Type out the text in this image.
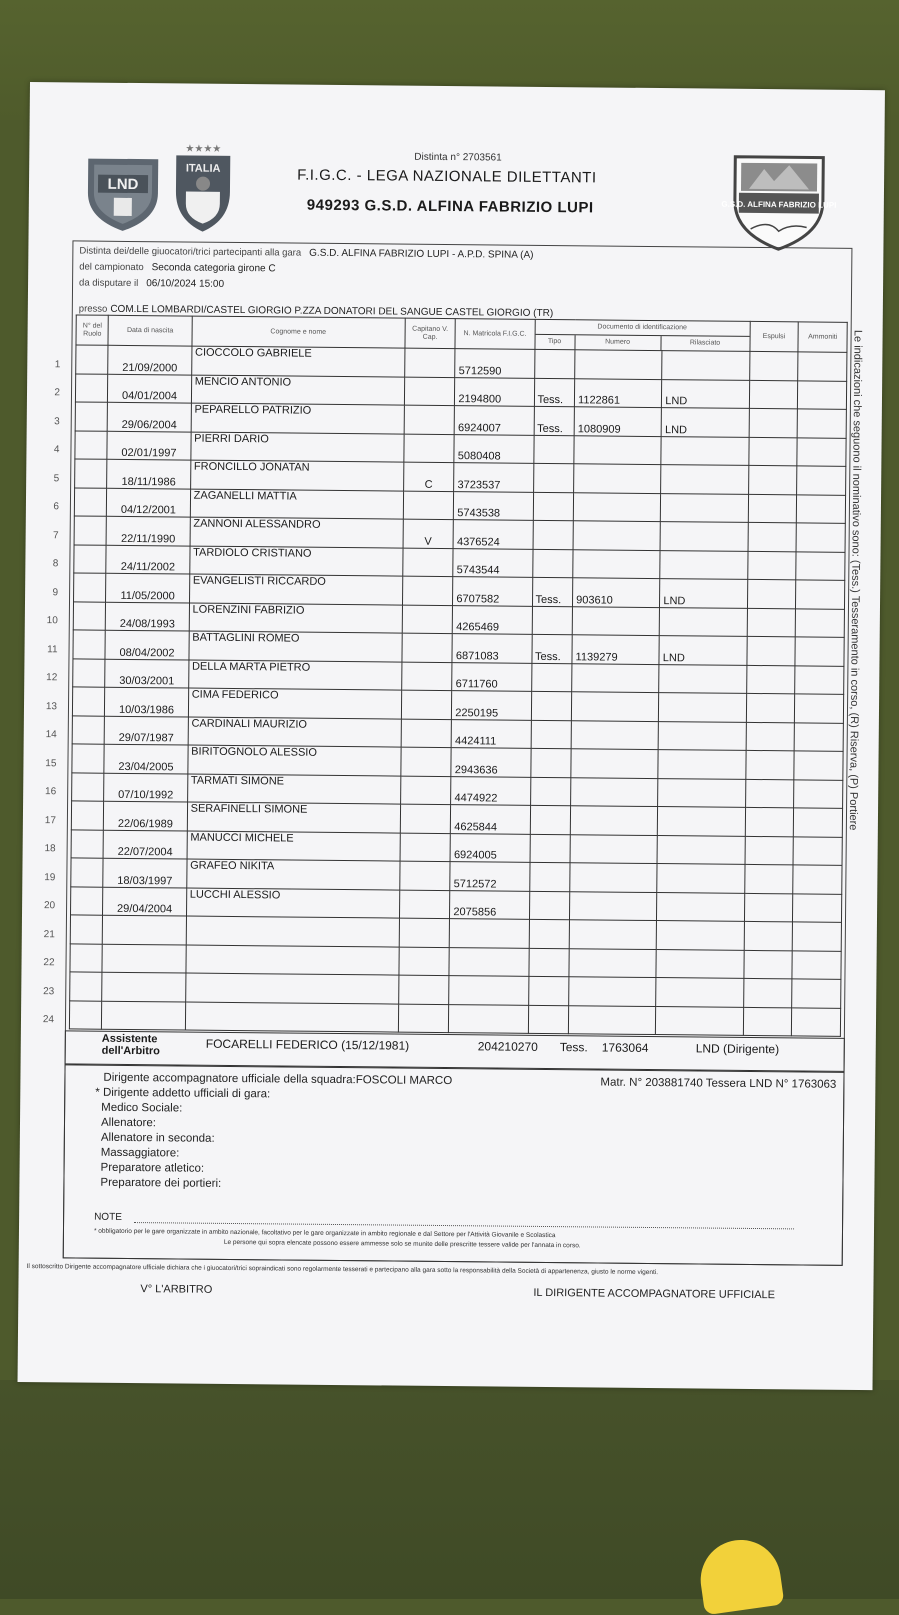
LND
★★★★
ITALIA
G.S.D. ALFINA FABRIZIO LUPI
Distinta n° 2703561
F.I.G.C. - LEGA NAZIONALE DILETTANTI
949293 G.S.D. ALFINA FABRIZIO LUPI
Distinta dei/delle giuocatori/trici partecipanti alla gara G.S.D. ALFINA FABRIZIO LUPI - A.P.D. SPINA (A)
del campionato Seconda categoria girone C
da disputare il 06/10/2024 15:00
presso COM.LE LOMBARDI/CASTEL GIORGIO P.ZZA DONATORI DEL SANGUE CASTEL GIORGIO (TR)
N° del Ruolo	Data di nascita	Cognome e nome	Capitano V. Cap.	N. Matricola F.I.G.C.	Documento di identificazione
Tipo Numero Rilasciato			Espulsi	Ammoniti

1	21/09/2000	CIOCCOLO GABRIELE		5712590					

2	04/01/2004	MENCIO ANTONIO		2194800	Tess.	1122861	LND		

3	29/06/2004	PEPARELLO PATRIZIO		6924007	Tess.	1080909	LND		

4	02/01/1997	PIERRI DARIO		5080408					

5	18/11/1986	FRONCILLO JONATAN	C	3723537					

6	04/12/2001	ZAGANELLI MATTIA		5743538					

7	22/11/1990	ZANNONI ALESSANDRO	V	4376524					

8	24/11/2002	TARDIOLO CRISTIANO		5743544					

9	11/05/2000	EVANGELISTI RICCARDO		6707582	Tess.	903610	LND		

10	24/08/1993	LORENZINI FABRIZIO		4265469					

11	08/04/2002	BATTAGLINI ROMEO		6871083	Tess.	1139279	LND		

12	30/03/2001	DELLA MARTA PIETRO		6711760					

13	10/03/1986	CIMA FEDERICO		2250195					

14	29/07/1987	CARDINALI MAURIZIO		4424111					

15	23/04/2005	BIRITOGNOLO ALESSIO		2943636					

16	07/10/1992	TARMATI SIMONE		4474922					

17	22/06/1989	SERAFINELLI SIMONE		4625844					

18	22/07/2004	MANUCCI MICHELE		6924005					

19	18/03/1997	GRAFEO NIKITA		5712572					

20	29/04/2004	LUCCHI ALESSIO		2075856					

21									

22									

23									

24									

Le indicazioni che seguono il nominativo sono: (Tess.) Tesseramento in corso, (R) Riserva, (P) Portiere
Assistente
dell'Arbitro	FOCARELLI FEDERICO (15/12/1981)	204210270 Tess. 1763064	LND (Dirigente)
Dirigente accompagnatore ufficiale della squadra:FOSCOLI MARCO	Matr. N° 203881740 Tessera LND N° 1763063
* Dirigente addetto ufficiali di gara:
Medico Sociale:
Allenatore:
Allenatore in seconda:
Massaggiatore:
Preparatore atletico:
Preparatore dei portieri:
NOTE
* obbligatorio per le gare organizzate in ambito nazionale, facoltativo per le gare organizzate in ambito regionale e dal Settore per l'Attività Giovanile e Scolastica
Le persone qui sopra elencate possono essere ammesse solo se munite delle prescritte tessere valide per l'annata in corso.
Il sottoscritto Dirigente accompagnatore ufficiale dichiara che i giuocatori/trici sopraindicati sono regolarmente tesserati e partecipano alla gara sotto la responsabilità della Società di appartenenza, giusto le norme vigenti.
V° L'ARBITRO	IL DIRIGENTE ACCOMPAGNATORE UFFICIALE
